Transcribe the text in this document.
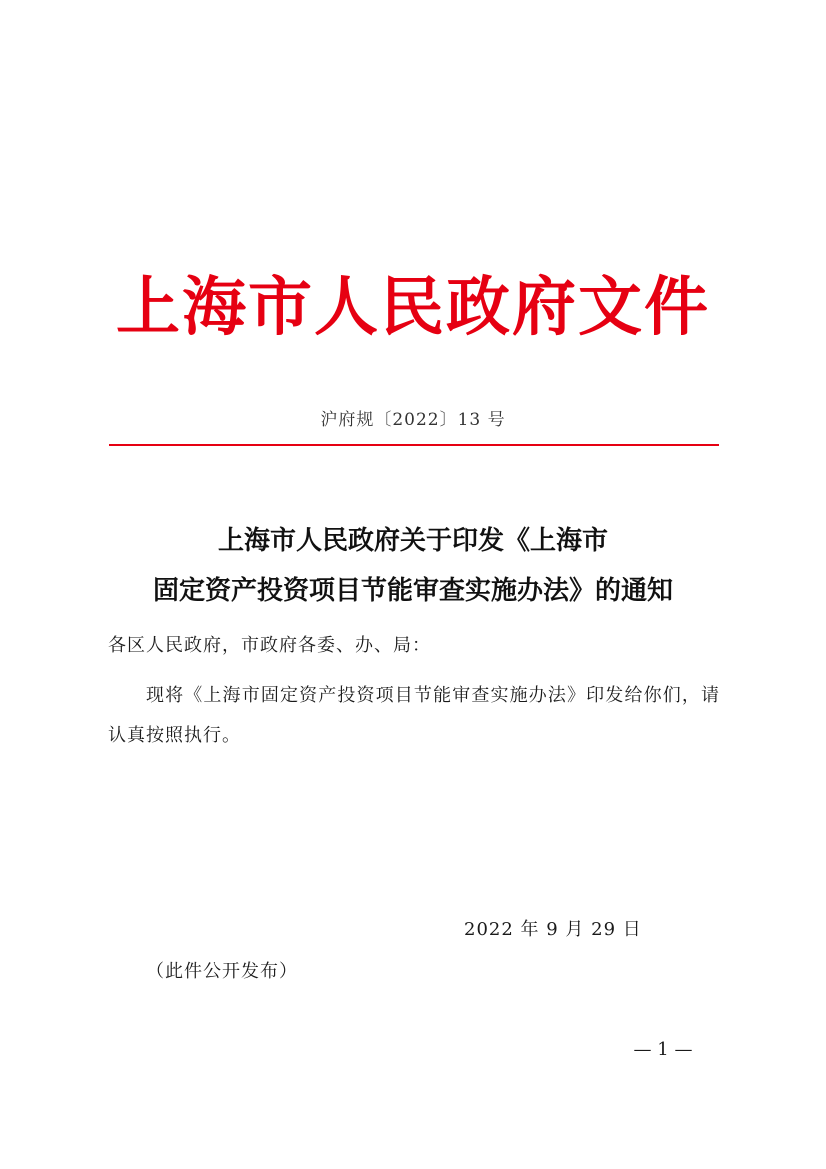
上海市人民政府文件
沪府规〔2022〕13 号
上海市人民政府关于印发《上海市
固定资产投资项目节能审查实施办法》的通知
各区人民政府，市政府各委、办、局：
现将《上海市固定资产投资项目节能审查实施办法》印发给你们，请认真按照执行。
2022 年 9 月 29 日
（此件公开发布）
— 1 —
